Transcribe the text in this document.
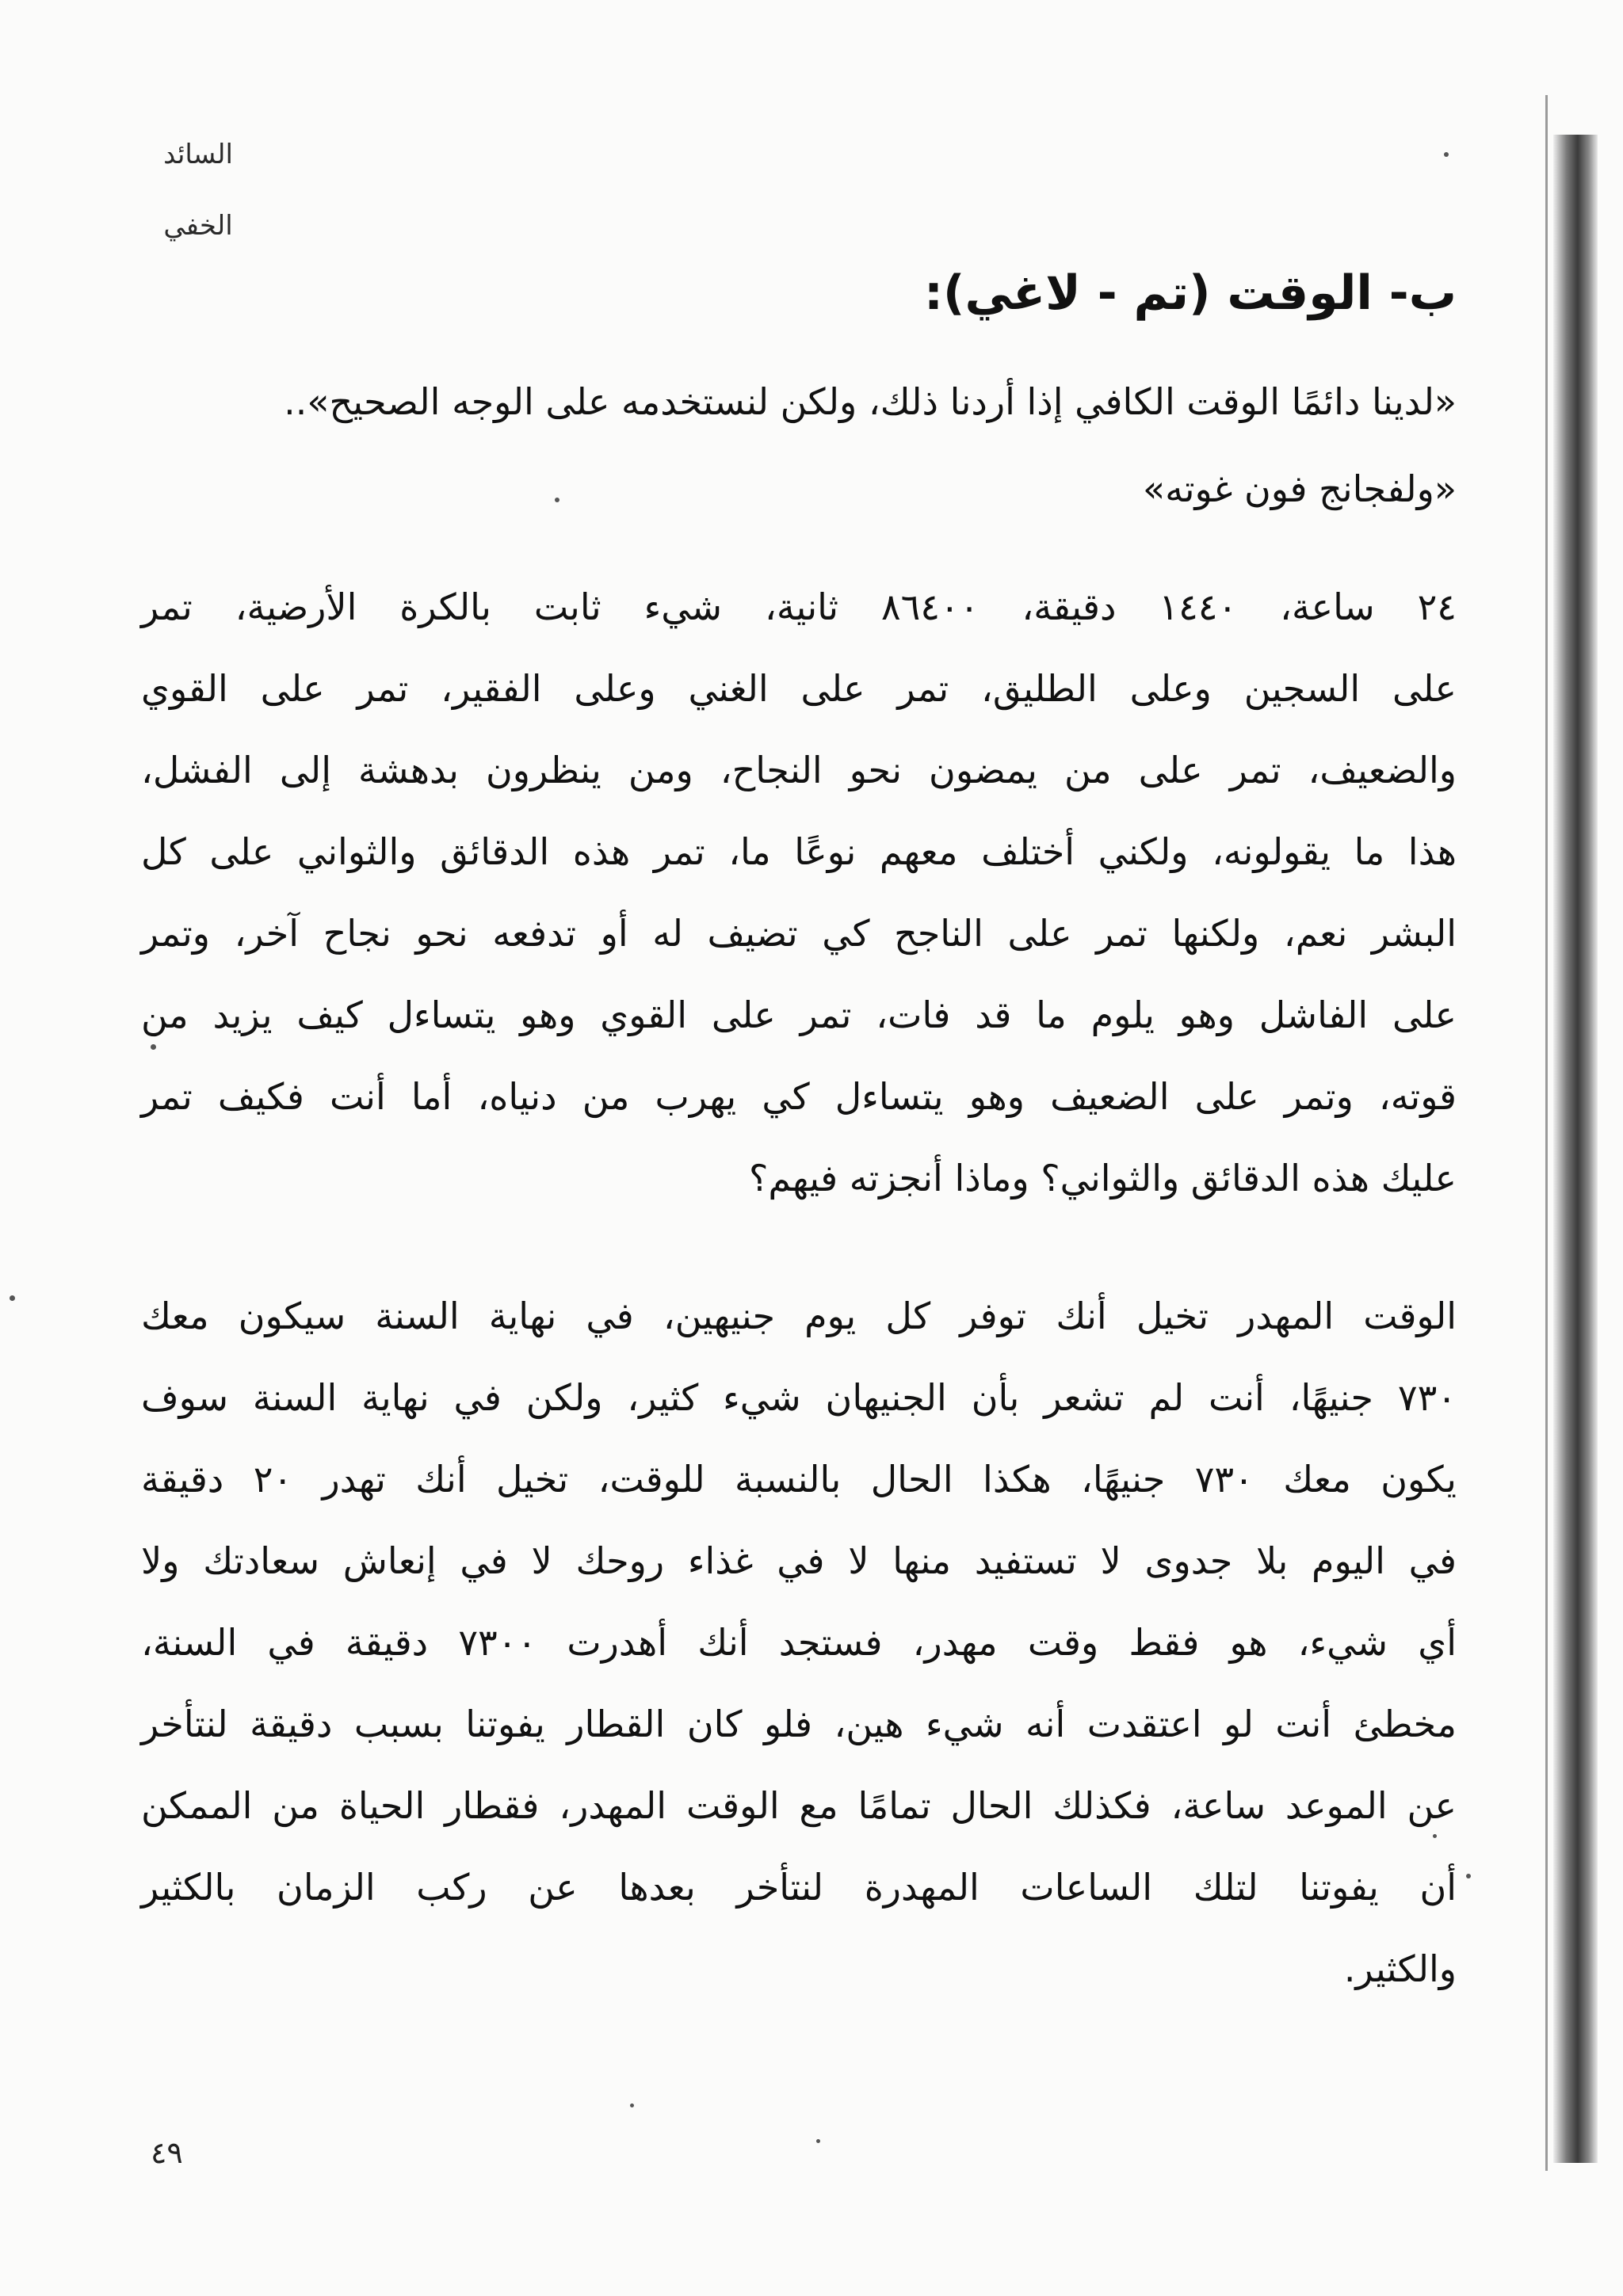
السائد الخفي
ب- الوقت (تم - لاغي):
«لدينا دائمًا الوقت الكافي إذا أردنا ذلك، ولكن لنستخدمه على الوجه الصحيح»..
«ولفجانج فون غوته»
٢٤ ساعة، ١٤٤٠ دقيقة، ٨٦٤٠٠ ثانية، شيء ثابت بالكرة الأرضية، تمر
على السجين وعلى الطليق، تمر على الغني وعلى الفقير، تمر على القوي
والضعيف، تمر على من يمضون نحو النجاح، ومن ينظرون بدهشة إلى الفشل،
هذا ما يقولونه، ولكني أختلف معهم نوعًا ما، تمر هذه الدقائق والثواني على كل
البشر نعم، ولكنها تمر على الناجح كي تضيف له أو تدفعه نحو نجاح آخر، وتمر
على الفاشل وهو يلوم ما قد فات، تمر على القوي وهو يتساءل كيف يزيد من
قوته، وتمر على الضعيف وهو يتساءل كي يهرب من دنياه، أما أنت فكيف تمر
عليك هذه الدقائق والثواني؟ وماذا أنجزته فيهم؟
الوقت المهدر تخيل أنك توفر كل يوم جنيهين، في نهاية السنة سيكون معك
٧٣٠ جنيهًا، أنت لم تشعر بأن الجنيهان شيء كثير، ولكن في نهاية السنة سوف
يكون معك ٧٣٠ جنيهًا، هكذا الحال بالنسبة للوقت، تخيل أنك تهدر ٢٠ دقيقة
في اليوم بلا جدوى لا تستفيد منها لا في غذاء روحك لا في إنعاش سعادتك ولا
أي شيء، هو فقط وقت مهدر، فستجد أنك أهدرت ٧٣٠٠ دقيقة في السنة،
مخطئ أنت لو اعتقدت أنه شيء هين، فلو كان القطار يفوتنا بسبب دقيقة لنتأخر
عن الموعد ساعة، فكذلك الحال تمامًا مع الوقت المهدر، فقطار الحياة من الممكن
أن يفوتنا لتلك الساعات المهدرة لنتأخر بعدها عن ركب الزمان بالكثير
والكثير.
٤٩
